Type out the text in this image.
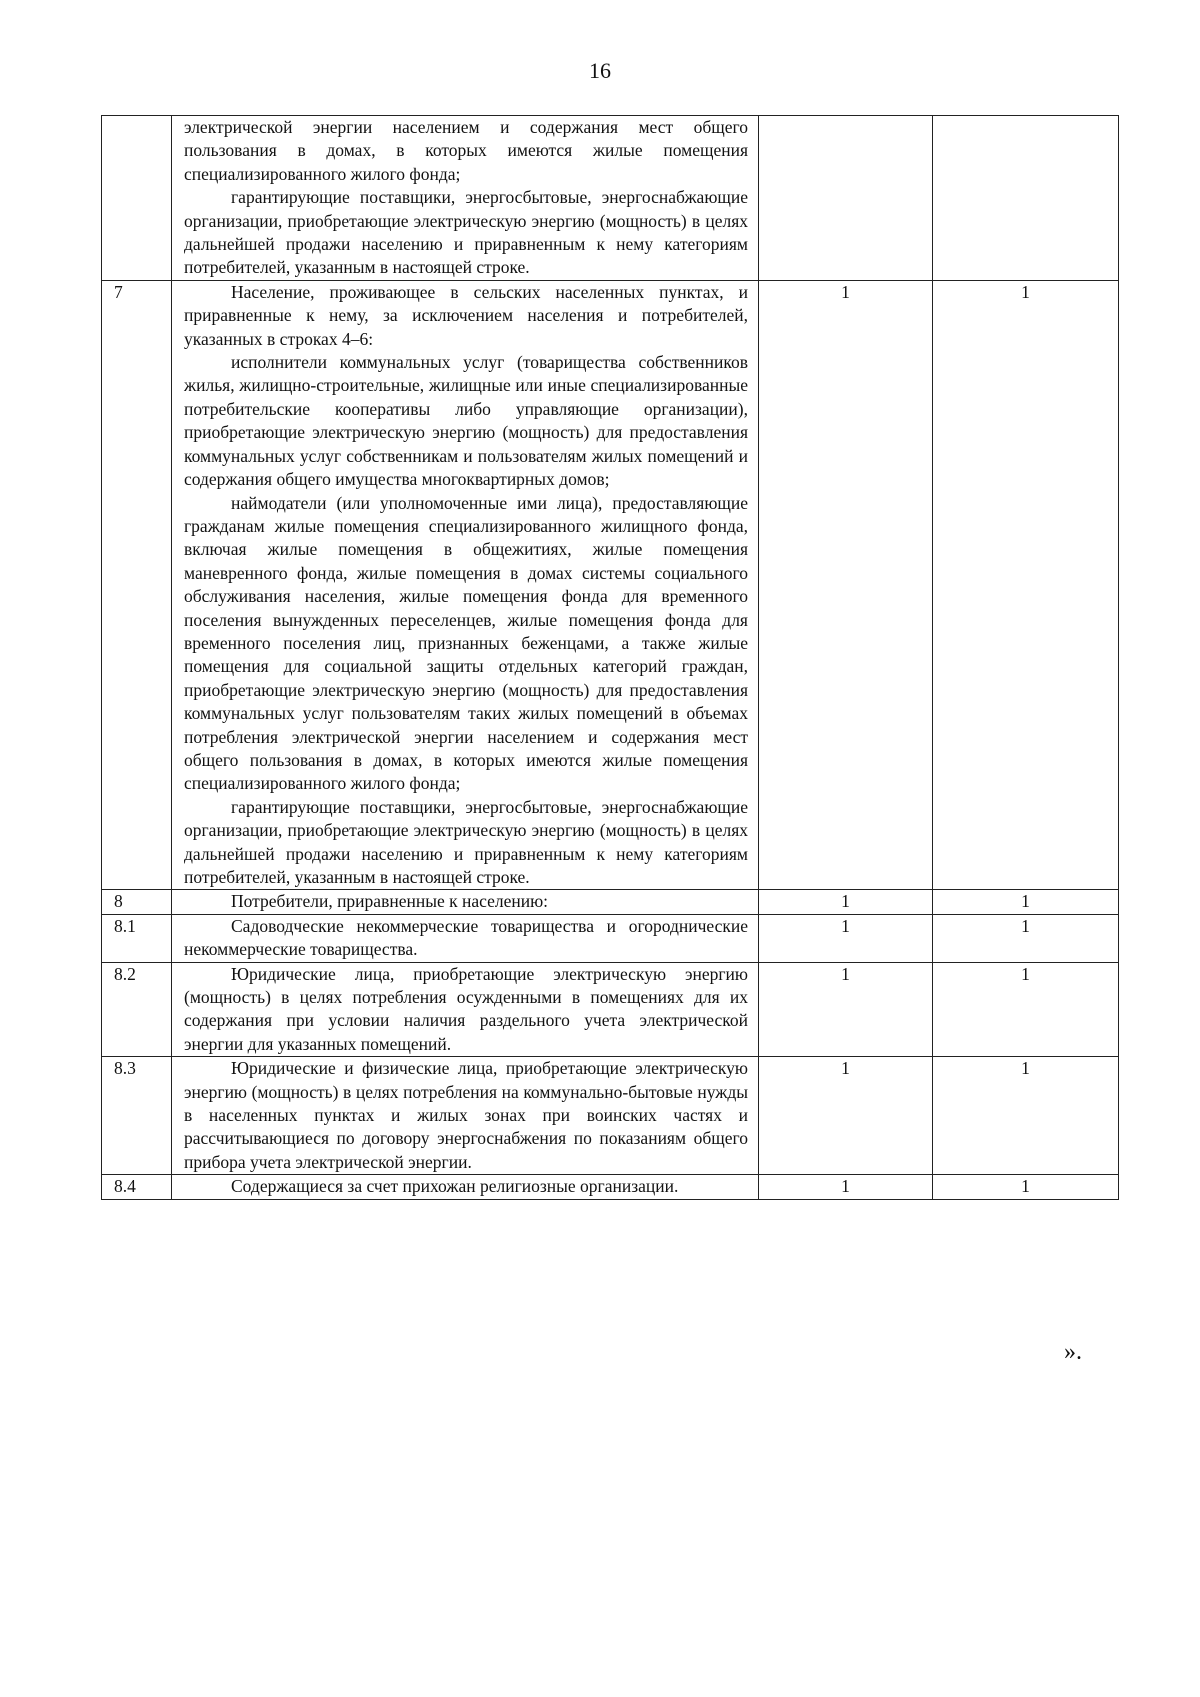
16

	электрической энергии населением и содержания мест общего пользования в домах, в которых имеются жилые помещения специализированного жилого фонда;

гарантирующие поставщики, энергосбытовые, энергоснабжающие организации, приобретающие электрическую энергию (мощность) в целях дальнейшей продажи населению и приравненным к нему категориям потребителей, указанным в настоящей строке.		

7	Население, проживающее в сельских населенных пунктах, и приравненные к нему, за исключением населения и потребителей, указанных в строках 4–6:

исполнители коммунальных услуг (товарищества собственников жилья, жилищно-строительные, жилищные или иные специализированные потребительские кооперативы либо управляющие организации), приобретающие электрическую энергию (мощность) для предоставления коммунальных услуг собственникам и пользователям жилых помещений и содержания общего имущества многоквартирных домов;

наймодатели (или уполномоченные ими лица), предоставляющие гражданам жилые помещения специализированного жилищного фонда, включая жилые помещения в общежитиях, жилые помещения маневренного фонда, жилые помещения в домах системы социального обслуживания населения, жилые помещения фонда для временного поселения вынужденных переселенцев, жилые помещения фонда для временного поселения лиц, признанных беженцами, а также жилые помещения для социальной защиты отдельных категорий граждан, приобретающие электрическую энергию (мощность) для предоставления коммунальных услуг пользователям таких жилых помещений в объемах потребления электрической энергии населением и содержания мест общего пользования в домах, в которых имеются жилые помещения специализированного жилого фонда;

гарантирующие поставщики, энергосбытовые, энергоснабжающие организации, приобретающие электрическую энергию (мощность) в целях дальнейшей продажи населению и приравненным к нему категориям потребителей, указанным в настоящей строке.	1	1
8	Потребители, приравненные к населению:	1	1
8.1	Садоводческие некоммерческие товарищества и огороднические некоммерческие товарищества.	1	1
8.2	Юридические лица, приобретающие электрическую энергию (мощность) в целях потребления осужденными в помещениях для их содержания при условии наличия раздельного учета электрической энергии для указанных помещений.	1	1
8.3	Юридические и физические лица, приобретающие электрическую энергию (мощность) в целях потребления на коммунально-бытовые нужды в населенных пунктах и жилых зонах при воинских частях и рассчитывающиеся по договору энергоснабжения по показаниям общего прибора учета электрической энергии.	1	1
8.4	Содержащиеся за счет прихожан религиозные организации.	1	1
».
